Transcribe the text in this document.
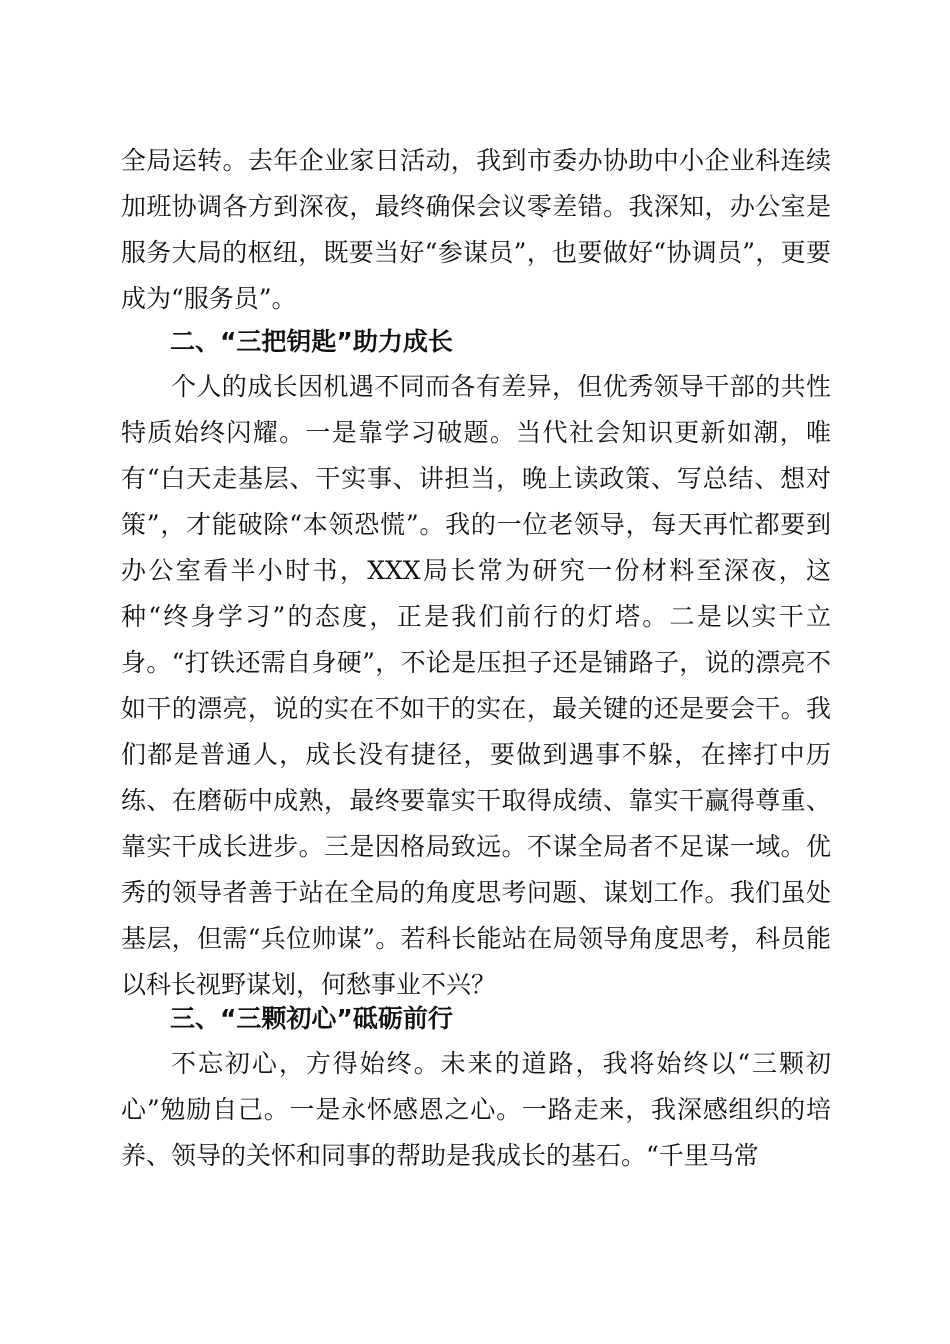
全局运转。去年企业家日活动，我到市委办协助中小企业科连续加班协调各方到深夜，最终确保会议零差错。我深知，办公室是服务大局的枢纽，既要当好“参谋员”，也要做好“协调员”，更要成为“服务员”。
二、“三把钥匙”助力成长
个人的成长因机遇不同而各有差异，但优秀领导干部的共性特质始终闪耀。一是靠学习破题。当代社会知识更新如潮，唯有“白天走基层、干实事、讲担当，晚上读政策、写总结、想对策”，才能破除“本领恐慌”。我的一位老领导，每天再忙都要到办公室看半小时书，XXX局长常为研究一份材料至深夜，这种“终身学习”的态度，正是我们前行的灯塔。二是以实干立身。“打铁还需自身硬”，不论是压担子还是铺路子，说的漂亮不如干的漂亮，说的实在不如干的实在，最关键的还是要会干。我们都是普通人，成长没有捷径，要做到遇事不躲，在摔打中历练、在磨砺中成熟，最终要靠实干取得成绩、靠实干赢得尊重、靠实干成长进步。三是因格局致远。不谋全局者不足谋一域。优秀的领导者善于站在全局的角度思考问题、谋划工作。我们虽处基层，但需“兵位帅谋”。若科长能站在局领导角度思考，科员能以科长视野谋划，何愁事业不兴？
三、“三颗初心”砥砺前行
不忘初心，方得始终。未来的道路，我将始终以“三颗初心”勉励自己。一是永怀感恩之心。一路走来，我深感组织的培养、领导的关怀和同事的帮助是我成长的基石。“千里马常
